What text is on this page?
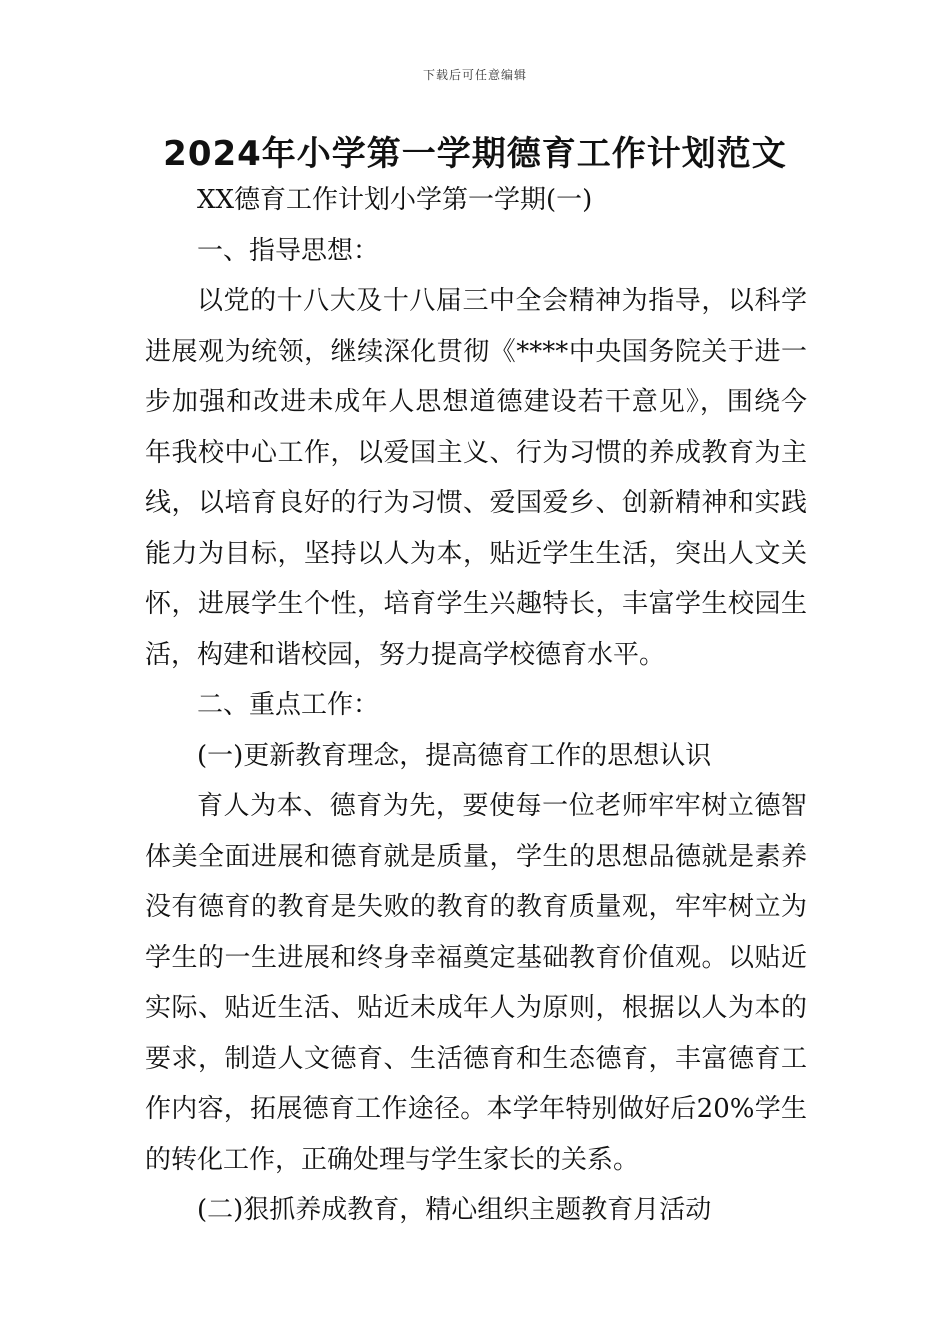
下载后可任意编辑
2024年小学第一学期德育工作计划范文

XX德育工作计划小学第一学期(一)

一、指导思想：

以党的十八大及十八届三中全会精神为指导，以科学进展观为统领，继续深化贯彻《****中央国务院关于进一步加强和改进未成年人思想道德建设若干意见》，围绕今年我校中心工作，以爱国主义、行为习惯的养成教育为主线，以培育良好的行为习惯、爱国爱乡、创新精神和实践能力为目标，坚持以人为本，贴近学生生活，突出人文关怀，进展学生个性，培育学生兴趣特长，丰富学生校园生活，构建和谐校园，努力提高学校德育水平。

二、重点工作：

(一)更新教育理念，提高德育工作的思想认识

育人为本、德育为先，要使每一位老师牢牢树立德智体美全面进展和德育就是质量，学生的思想品德就是素养没有德育的教育是失败的教育的教育质量观，牢牢树立为学生的一生进展和终身幸福奠定基础教育价值观。以贴近实际、贴近生活、贴近未成年人为原则，根据以人为本的要求，制造人文德育、生活德育和生态德育，丰富德育工作内容，拓展德育工作途径。本学年特别做好后20%学生的转化工作，正确处理与学生家长的关系。

(二)狠抓养成教育，精心组织主题教育月活动
